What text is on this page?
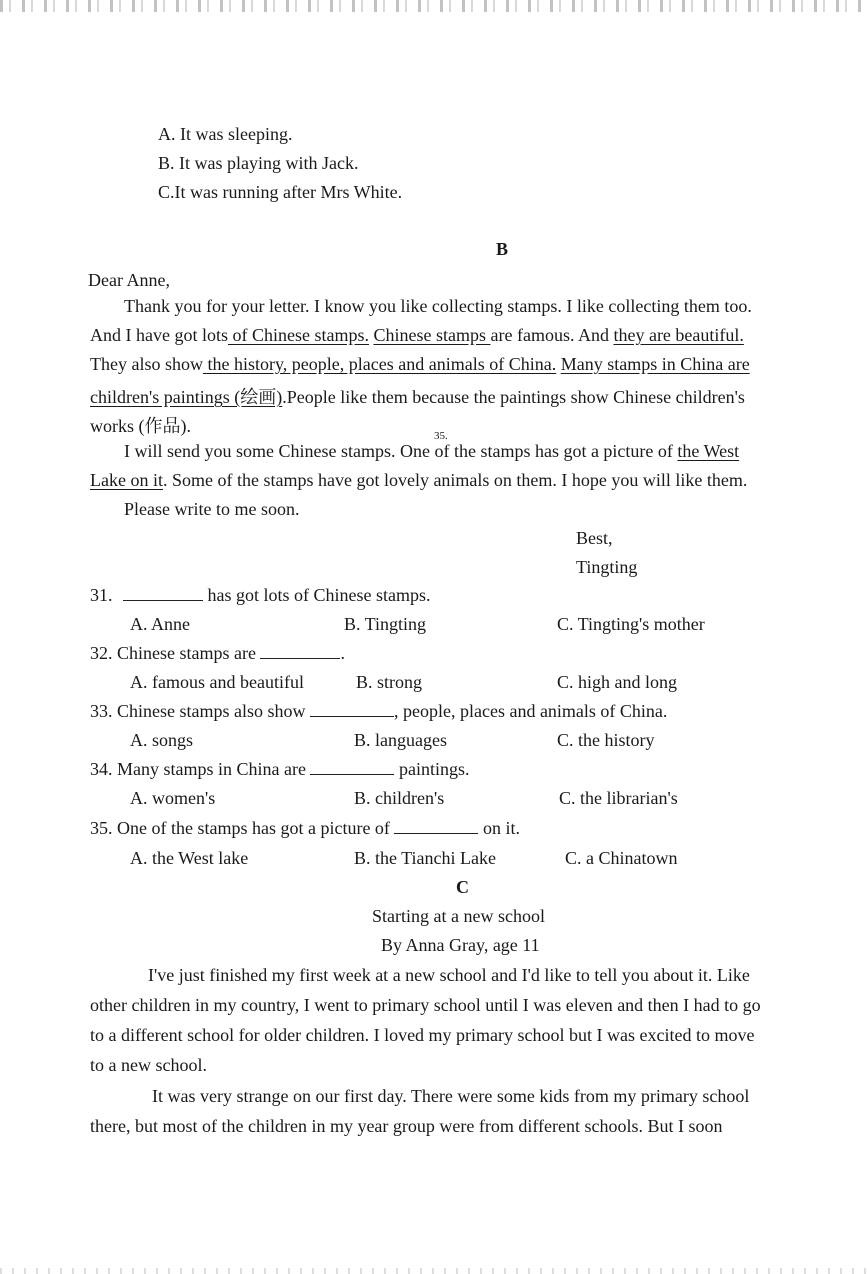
A. It was sleeping.
B. It was playing with Jack.
C.It was running after Mrs White.
B
Dear Anne,
Thank you for your letter. I know you like collecting stamps. I like collecting them too.
And I have got lots of Chinese stamps. Chinese stamps are famous. And they are beautiful.
They also show the history, people, places and animals of China. Many stamps in China are
children's paintings (绘画).People like them because the paintings show Chinese children's
works (作品).	35.
I will send you some Chinese stamps. One of the stamps has got a picture of the West
Lake on it. Some of the stamps have got lovely animals on them. I hope you will like them.
Please write to me soon.
Best,
Tingting
31.	has got lots of Chinese stamps.
A. Anne	B. Tingting	C. Tingting's mother
32. Chinese stamps are	.
A. famous and beautiful	B. strong	C. high and long
33. Chinese stamps also show	, people, places and animals of China.
A. songs	B. languages	C. the history
34. Many stamps in China are	paintings.
A. women's	B. children's	C. the librarian's
35. One of the stamps has got a picture of	on it.
A. the West lake	B. the Tianchi Lake	C. a Chinatown
C
Starting at a new school
By Anna Gray, age 11
I've just finished my first week at a new school and I'd like to tell you about it. Like
other children in my country, I went to primary school until I was eleven and then I had to go
to a different school for older children. I loved my primary school but I was excited to move
to a new school.
It was very strange on our first day. There were some kids from my primary school
there, but most of the children in my year group were from different schools. But I soon
